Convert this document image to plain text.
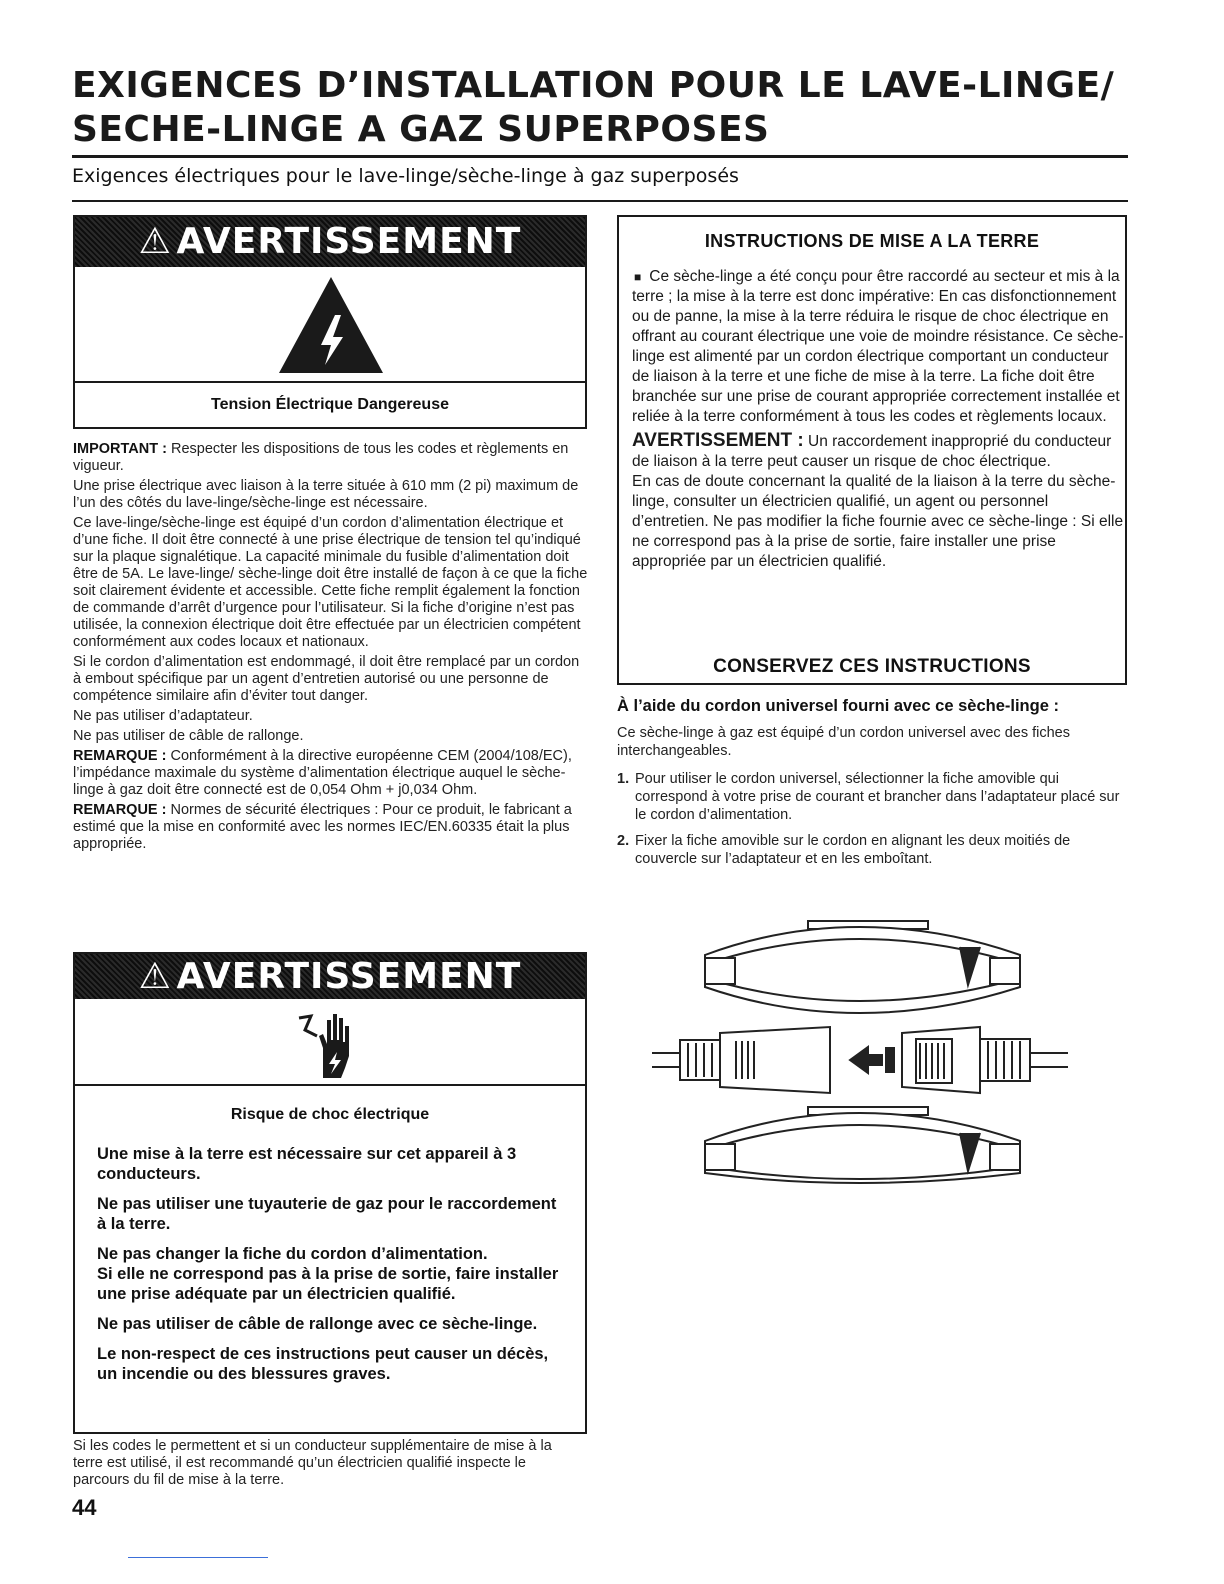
EXIGENCES D’INSTALLATION POUR LE LAVE-LINGE/
SECHE-LINGE A GAZ SUPERPOSES
Exigences électriques pour le lave-linge/sèche-linge à gaz superposés
⚠ AVERTISSEMENT
Tension Électrique Dangereuse

IMPORTANT : Respecter les dispositions de tous les codes et règlements en vigueur.

Une prise électrique avec liaison à la terre située à 610 mm (2 pi) maximum de l’un des côtés du lave-linge/sèche-linge est nécessaire.

Ce lave-linge/sèche-linge est équipé d’un cordon d’alimentation électrique et d’une fiche. Il doit être connecté à une prise électrique de tension tel qu’indiqué sur la plaque signalétique. La capacité minimale du fusible d’alimentation doit être de 5A. Le lave-linge/ sèche-linge doit être installé de façon à ce que la fiche soit clairement évidente et accessible. Cette fiche remplit également la fonction de commande d’arrêt d’urgence pour l’utilisateur. Si la fiche d’origine n’est pas utilisée, la connexion électrique doit être effectuée par un électricien compétent conformément aux codes locaux et nationaux.

Si le cordon d’alimentation est endommagé, il doit être remplacé par un cordon à embout spécifique par un agent d’entretien autorisé ou une personne de compétence similaire afin d’éviter tout danger.

Ne pas utiliser d’adaptateur.

Ne pas utiliser de câble de rallonge.

REMARQUE : Conformément à la directive européenne CEM (2004/108/EC), l’impédance maximale du système d’alimentation électrique auquel le sèche-linge à gaz doit être connecté est de 0,054 Ohm + j0,034 Ohm.

REMARQUE : Normes de sécurité électriques : Pour ce produit, le fabricant a estimé que la mise en conformité avec les normes IEC/EN.60335 était la plus appropriée.

⚠ AVERTISSEMENT
Risque de choc électrique

Une mise à la terre est nécessaire sur cet appareil à 3 conducteurs.

Ne pas utiliser une tuyauterie de gaz pour le raccordement à la terre.

Ne pas changer la fiche du cordon d’alimentation.

Si elle ne correspond pas à la prise de sortie, faire installer une prise adéquate par un électricien qualifié.

Ne pas utiliser de câble de rallonge avec ce sèche-linge.

Le non-respect de ces instructions peut causer un décès, un incendie ou des blessures graves.

Si les codes le permettent et si un conducteur supplémentaire de mise à la terre est utilisé, il est recommandé qu’un électricien qualifié inspecte le parcours du fil de mise à la terre.
44
INSTRUCTIONS DE MISE A LA TERRE

■ Ce sèche-linge a été conçu pour être raccordé au secteur et mis à la terre ; la mise à la terre est donc impérative: En cas disfonctionnement ou de panne, la mise à la terre réduira le risque de choc électrique en offrant au courant électrique une voie de moindre résistance. Ce sèche-linge est alimenté par un cordon électrique comportant un conducteur de liaison à la terre et une fiche de mise à la terre. La fiche doit être branchée sur une prise de courant appropriée correctement installée et reliée à la terre conformément à tous les codes et règlements locaux.

AVERTISSEMENT : Un raccordement inapproprié du conducteur de liaison à la terre peut causer un risque de choc électrique.

En cas de doute concernant la qualité de la liaison à la terre du sèche-linge, consulter un électricien qualifié, un agent ou personnel d’entretien. Ne pas modifier la fiche fournie avec ce sèche-linge : Si elle ne correspond pas à la prise de sortie, faire installer une prise appropriée par un électricien qualifié.

CONSERVEZ CES INSTRUCTIONS
À l’aide du cordon universel fourni avec ce sèche-linge :

Ce sèche-linge à gaz est équipé d’un cordon universel avec des fiches interchangeables.

1. Pour utiliser le cordon universel, sélectionner la fiche amovible qui correspond à votre prise de courant et brancher dans l’adaptateur placé sur le cordon d’alimentation.
2. Fixer la fiche amovible sur le cordon en alignant les deux moitiés de couvercle sur l’adaptateur et en les emboîtant.
